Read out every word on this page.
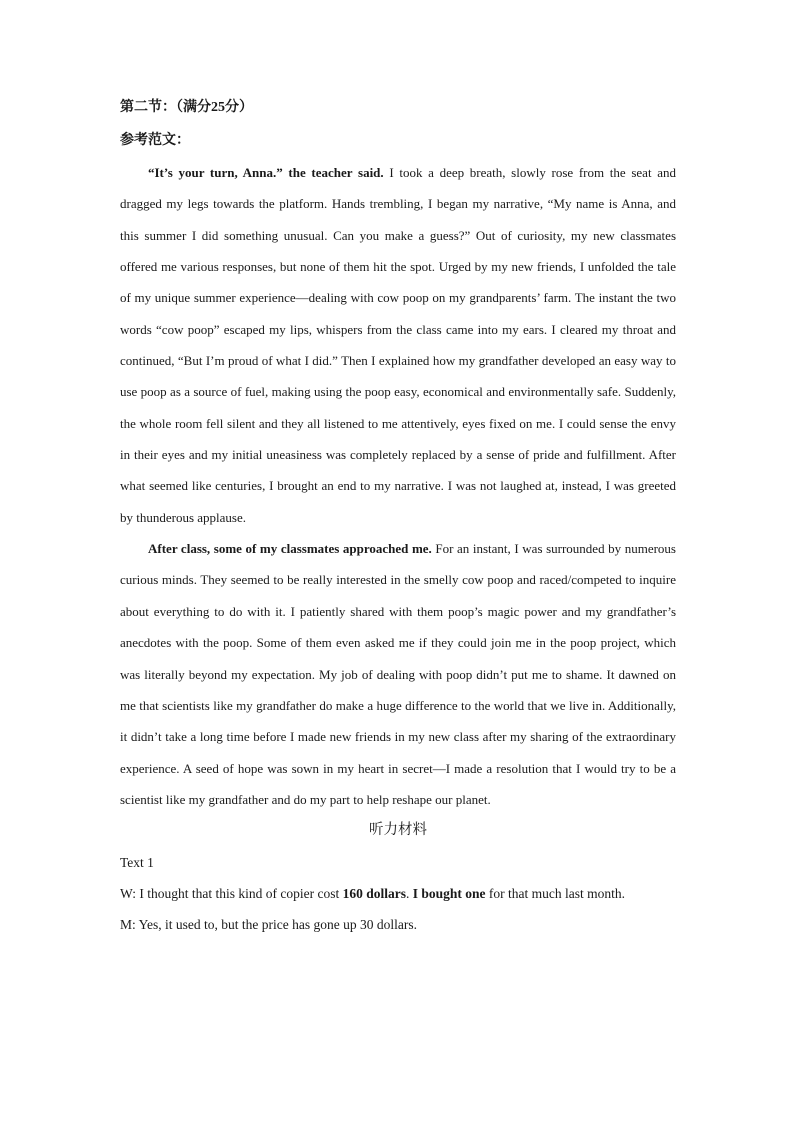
第二节：（满分25分）

参考范文：

“It’s your turn, Anna.” the teacher said. I took a deep breath, slowly rose from the seat and dragged my legs towards the platform. Hands trembling, I began my narrative, “My name is Anna, and this summer I did something unusual. Can you make a guess?” Out of curiosity, my new classmates offered me various responses, but none of them hit the spot. Urged by my new friends, I unfolded the tale of my unique summer experience—dealing with cow poop on my grandparents’ farm. The instant the two words “cow poop” escaped my lips, whispers from the class came into my ears. I cleared my throat and continued, “But I’m proud of what I did.” Then I explained how my grandfather developed an easy way to use poop as a source of fuel, making using the poop easy, economical and environmentally safe. Suddenly, the whole room fell silent and they all listened to me attentively, eyes fixed on me. I could sense the envy in their eyes and my initial uneasiness was completely replaced by a sense of pride and fulfillment. After what seemed like centuries, I brought an end to my narrative. I was not laughed at, instead, I was greeted by thunderous applause.

After class, some of my classmates approached me. For an instant, I was surrounded by numerous curious minds. They seemed to be really interested in the smelly cow poop and raced/competed to inquire about everything to do with it. I patiently shared with them poop’s magic power and my grandfather’s anecdotes with the poop. Some of them even asked me if they could join me in the poop project, which was literally beyond my expectation. My job of dealing with poop didn’t put me to shame. It dawned on me that scientists like my grandfather do make a huge difference to the world that we live in. Additionally, it didn’t take a long time before I made new friends in my new class after my sharing of the extraordinary experience. A seed of hope was sown in my heart in secret—I made a resolution that I would try to be a scientist like my grandfather and do my part to help reshape our planet.

听力材料

Text 1

W: I thought that this kind of copier cost 160 dollars. I bought one for that much last month.

M: Yes, it used to, but the price has gone up 30 dollars.
